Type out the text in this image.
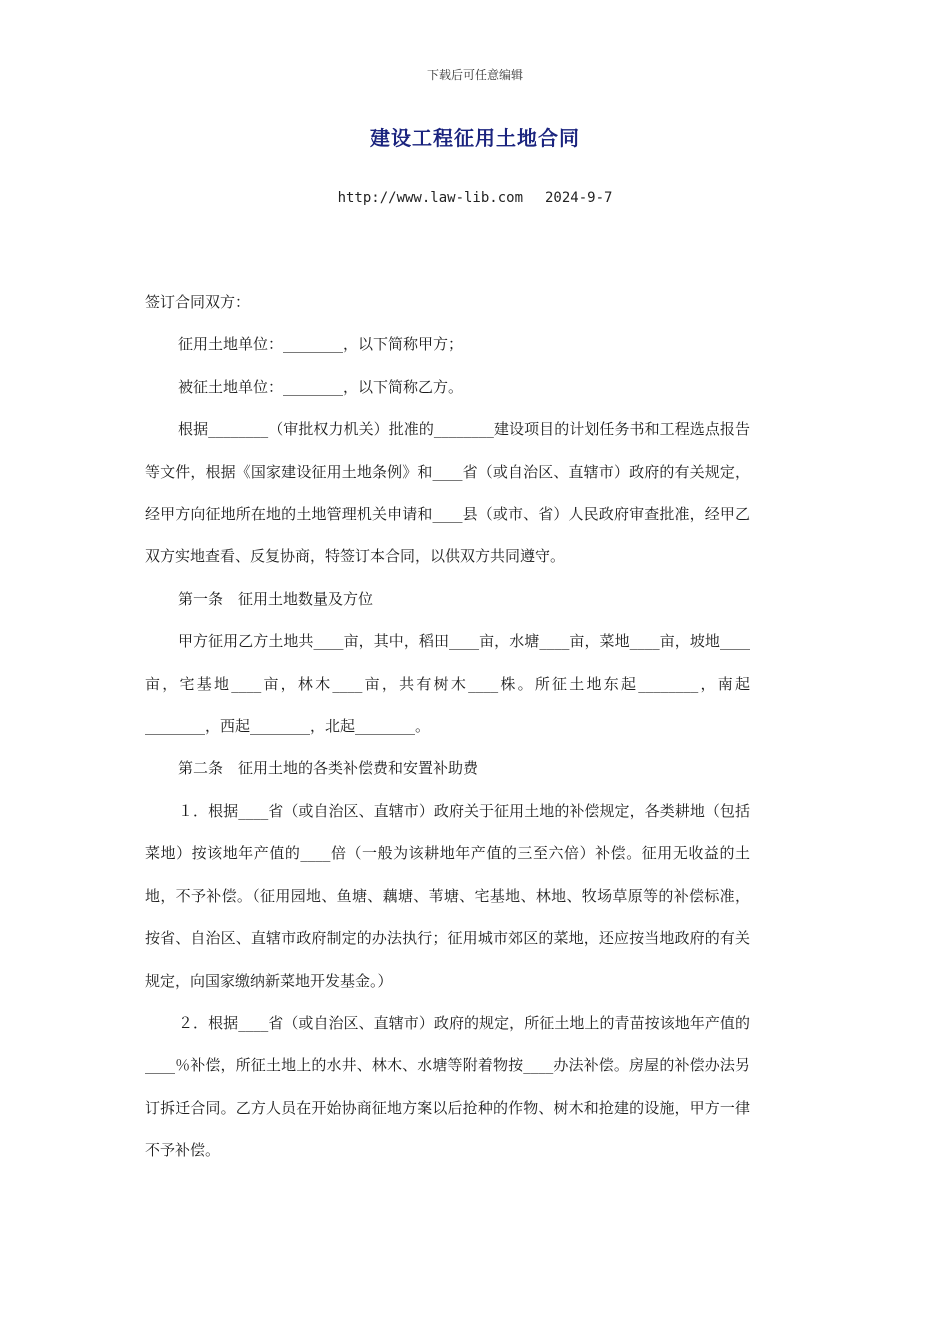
下载后可任意编辑
建设工程征用土地合同
http://www.law-lib.com 2024-9-7

签订合同双方：

征用土地单位：________，以下简称甲方；

被征土地单位：________，以下简称乙方。

根据________（审批权力机关）批准的________建设项目的计划任务书和工程选点报告等文件，根据《国家建设征用土地条例》和____省（或自治区、直辖市）政府的有关规定，经甲方向征地所在地的土地管理机关申请和____县（或市、省）人民政府审查批准，经甲乙双方实地查看、反复协商，特签订本合同，以供双方共同遵守。

第一条　征用土地数量及方位

甲方征用乙方土地共____亩，其中，稻田____亩，水塘____亩，菜地____亩，坡地____亩，宅基地____亩，林木____亩，共有树木____株。所征土地东起________，南起________，西起________，北起________。

第二条　征用土地的各类补偿费和安置补助费

１．根据____省（或自治区、直辖市）政府关于征用土地的补偿规定，各类耕地（包括菜地）按该地年产值的____倍（一般为该耕地年产值的三至六倍）补偿。征用无收益的土地，不予补偿。（征用园地、鱼塘、藕塘、苇塘、宅基地、林地、牧场草原等的补偿标准，按省、自治区、直辖市政府制定的办法执行；征用城市郊区的菜地，还应按当地政府的有关规定，向国家缴纳新菜地开发基金。）

２．根据____省（或自治区、直辖市）政府的规定，所征土地上的青苗按该地年产值的____％补偿，所征土地上的水井、林木、水塘等附着物按____办法补偿。房屋的补偿办法另订拆迁合同。乙方人员在开始协商征地方案以后抢种的作物、树木和抢建的设施，甲方一律不予补偿。
